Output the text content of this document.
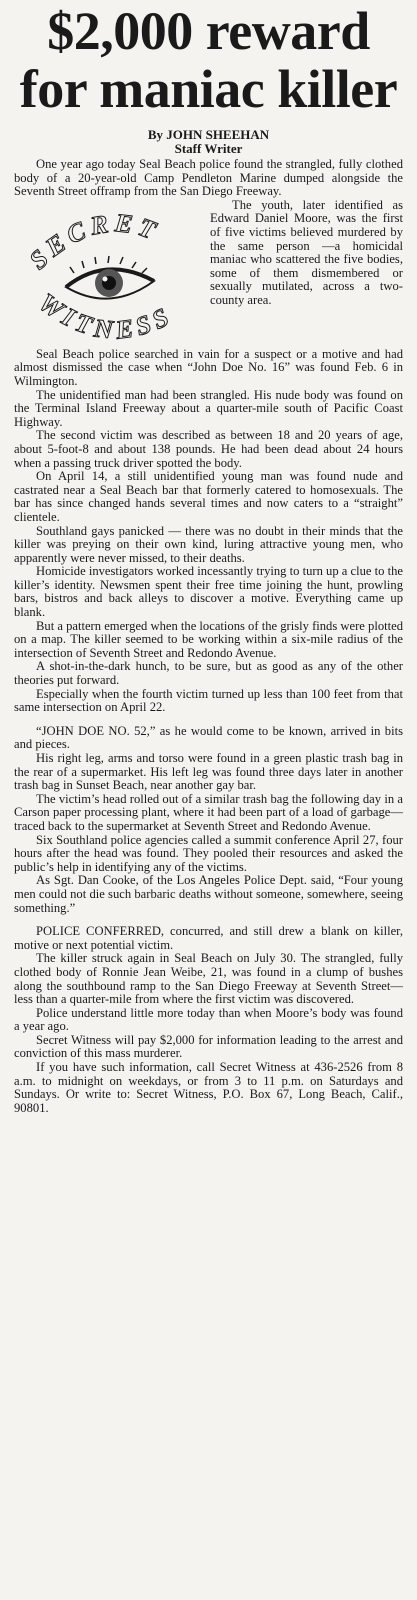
$2,000 reward
for maniac killer
By JOHN SHEEHAN
Staff Writer

One year ago today Seal Beach police found the strangled, fully clothed body of a 20-year-old Camp Pendleton Marine dumped alongside the Seventh Street offramp from the San Diego Freeway.

SECRET
WITNESS

The youth, later identified as Edward Daniel Moore, was the first of five victims believed murdered by the same person —a homicidal maniac who scattered the five bodies, some of them dismembered or sexually mutilated, across a two-county area.

Seal Beach police searched in vain for a suspect or a motive and had almost dismissed the case when “John Doe No. 16” was found Feb. 6 in Wilmington.

The unidentified man had been strangled. His nude body was found on the Terminal Island Freeway about a quarter-mile south of Pacific Coast Highway.

The second victim was described as between 18 and 20 years of age, about 5-foot-8 and about 138 pounds. He had been dead about 24 hours when a passing truck driver spotted the body.

On April 14, a still unidentified young man was found nude and castrated near a Seal Beach bar that formerly catered to homosexuals. The bar has since changed hands several times and now caters to a “straight” clientele.

Southland gays panicked — there was no doubt in their minds that the killer was preying on their own kind, luring attractive young men, who apparently were never missed, to their deaths.

Homicide investigators worked incessantly trying to turn up a clue to the killer’s identity. Newsmen spent their free time joining the hunt, prowling bars, bistros and back alleys to discover a motive. Everything came up blank.

But a pattern emerged when the locations of the grisly finds were plotted on a map. The killer seemed to be working within a six-mile radius of the intersection of Seventh Street and Redondo Avenue.

A shot-in-the-dark hunch, to be sure, but as good as any of the other theories put forward.

Especially when the fourth victim turned up less than 100 feet from that same intersection on April 22.

“JOHN DOE NO. 52,” as he would come to be known, arrived in bits and pieces.

His right leg, arms and torso were found in a green plastic trash bag in the rear of a supermarket. His left leg was found three days later in another trash bag in Sunset Beach, near another gay bar.

The victim’s head rolled out of a similar trash bag the following day in a Carson paper processing plant, where it had been part of a load of garbage—traced back to the supermarket at Seventh Street and Redondo Avenue.

Six Southland police agencies called a summit conference April 27, four hours after the head was found. They pooled their resources and asked the public’s help in identifying any of the victims.

As Sgt. Dan Cooke, of the Los Angeles Police Dept. said, “Four young men could not die such barbaric deaths without someone, somewhere, seeing something.”

POLICE CONFERRED, concurred, and still drew a blank on killer, motive or next potential victim.

The killer struck again in Seal Beach on July 30. The strangled, fully clothed body of Ronnie Jean Weibe, 21, was found in a clump of bushes along the southbound ramp to the San Diego Freeway at Seventh Street—less than a quarter-mile from where the first victim was discovered.

Police understand little more today than when Moore’s body was found a year ago.

Secret Witness will pay $2,000 for information leading to the arrest and conviction of this mass murderer.

If you have such information, call Secret Witness at 436-2526 from 8 a.m. to midnight on weekdays, or from 3 to 11 p.m. on Saturdays and Sundays. Or write to: Secret Witness, P.O. Box 67, Long Beach, Calif., 90801.
